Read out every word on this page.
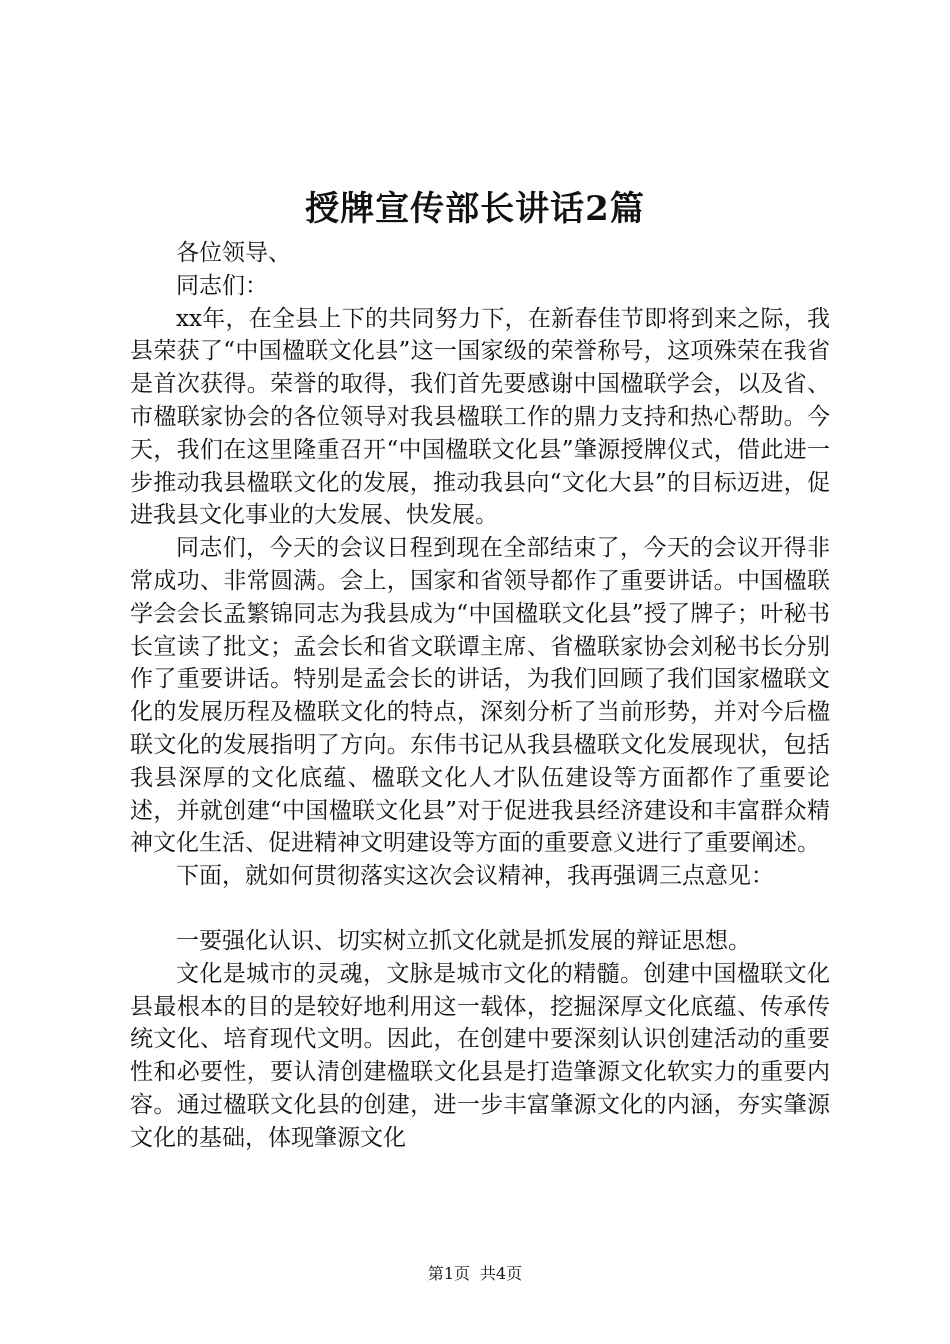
授牌宣传部长讲话2篇

各位领导、

同志们：

xx年，在全县上下的共同努力下，在新春佳节即将到来之际，我县荣获了“中国楹联文化县”这一国家级的荣誉称号，这项殊荣在我省是首次获得。荣誉的取得，我们首先要感谢中国楹联学会，以及省、市楹联家协会的各位领导对我县楹联工作的鼎力支持和热心帮助。今天，我们在这里隆重召开“中国楹联文化县”肇源授牌仪式，借此进一步推动我县楹联文化的发展，推动我县向“文化大县”的目标迈进，促进我县文化事业的大发展、快发展。

同志们，今天的会议日程到现在全部结束了，今天的会议开得非常成功、非常圆满。会上，国家和省领导都作了重要讲话。中国楹联学会会长孟繁锦同志为我县成为“中国楹联文化县”授了牌子；叶秘书长宣读了批文；孟会长和省文联谭主席、省楹联家协会刘秘书长分别作了重要讲话。特别是孟会长的讲话，为我们回顾了我们国家楹联文化的发展历程及楹联文化的特点，深刻分析了当前形势，并对今后楹联文化的发展指明了方向。东伟书记从我县楹联文化发展现状，包括我县深厚的文化底蕴、楹联文化人才队伍建设等方面都作了重要论述，并就创建“中国楹联文化县”对于促进我县经济建设和丰富群众精神文化生活、促进精神文明建设等方面的重要意义进行了重要阐述。

下面，就如何贯彻落实这次会议精神，我再强调三点意见：

一要强化认识、切实树立抓文化就是抓发展的辩证思想。

文化是城市的灵魂，文脉是城市文化的精髓。创建中国楹联文化县最根本的目的是较好地利用这一载体，挖掘深厚文化底蕴、传承传统文化、培育现代文明。因此，在创建中要深刻认识创建活动的重要性和必要性，要认清创建楹联文化县是打造肇源文化软实力的重要内容。通过楹联文化县的创建，进一步丰富肇源文化的内涵，夯实肇源文化的基础，体现肇源文化

第1页 共4页
